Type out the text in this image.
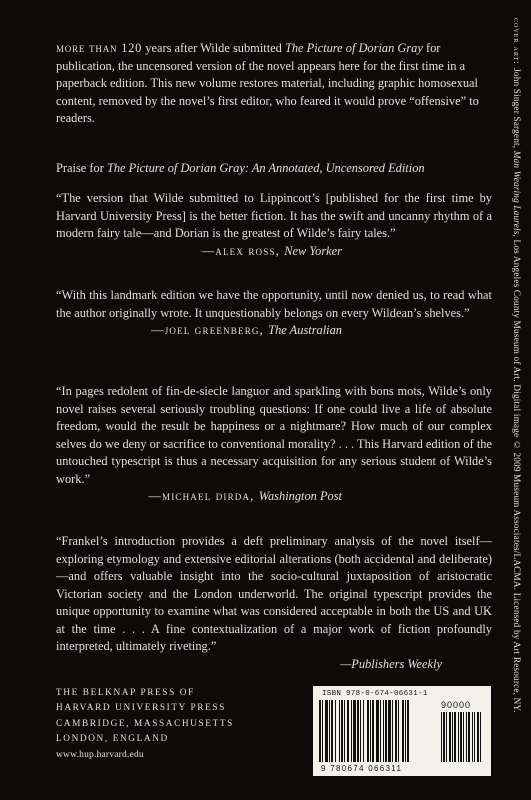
more than 120 years after Wilde submitted The Picture of Dorian Gray for publication, the uncensored version of the novel appears here for the first time in a paperback edition. This new volume restores material, including graphic homosexual content, removed by the novel’s first editor, who feared it would prove “offensive” to readers.
Praise for The Picture of Dorian Gray: An Annotated, Uncensored Edition
“The version that Wilde submitted to Lippincott’s [published for the first time by Harvard University Press] is the better fiction. It has the swift and uncanny rhythm of a modern fairy tale—and Dorian is the greatest of Wilde’s fairy tales.”
—alex ross, New Yorker
“With this landmark edition we have the opportunity, until now denied us, to read what the author originally wrote. It unquestionably belongs on every Wildean’s shelves.”
—joel greenberg, The Australian
“In pages redolent of fin-de-siecle languor and sparkling with bons mots, Wilde’s only novel raises several seriously troubling questions: If one could live a life of absolute freedom, would the result be happiness or a nightmare? How much of our complex selves do we deny or sacrifice to conventional morality? . . . This Harvard edition of the untouched typescript is thus a necessary acquisition for any serious student of Wilde’s work.”
—michael dirda, Washington Post
“Frankel’s introduction provides a deft preliminary analysis of the novel itself—exploring etymology and extensive editorial alterations (both accidental and deliberate)—and offers valuable insight into the socio-cultural juxtaposition of aristocratic Victorian society and the London underworld. The original typescript provides the unique opportunity to examine what was considered acceptable in both the US and UK at the time . . . A fine contextualization of a major work of fiction profoundly interpreted, ultimately riveting.”
—Publishers Weekly
THE BELKNAP PRESS OF
HARVARD UNIVERSITY PRESS
CAMBRIDGE, MASSACHUSETTS
LONDON, ENGLAND
www.hup.harvard.edu
ISBN 978-0-674-06631-1
90000
9 780674 066311
cover art: John Singer Sargent, Man Wearing Laurels, Los Angeles County Museum of Art. Digital image © 2009 Museum Associates/LACMA. Licensed by Art Resource, NY.
